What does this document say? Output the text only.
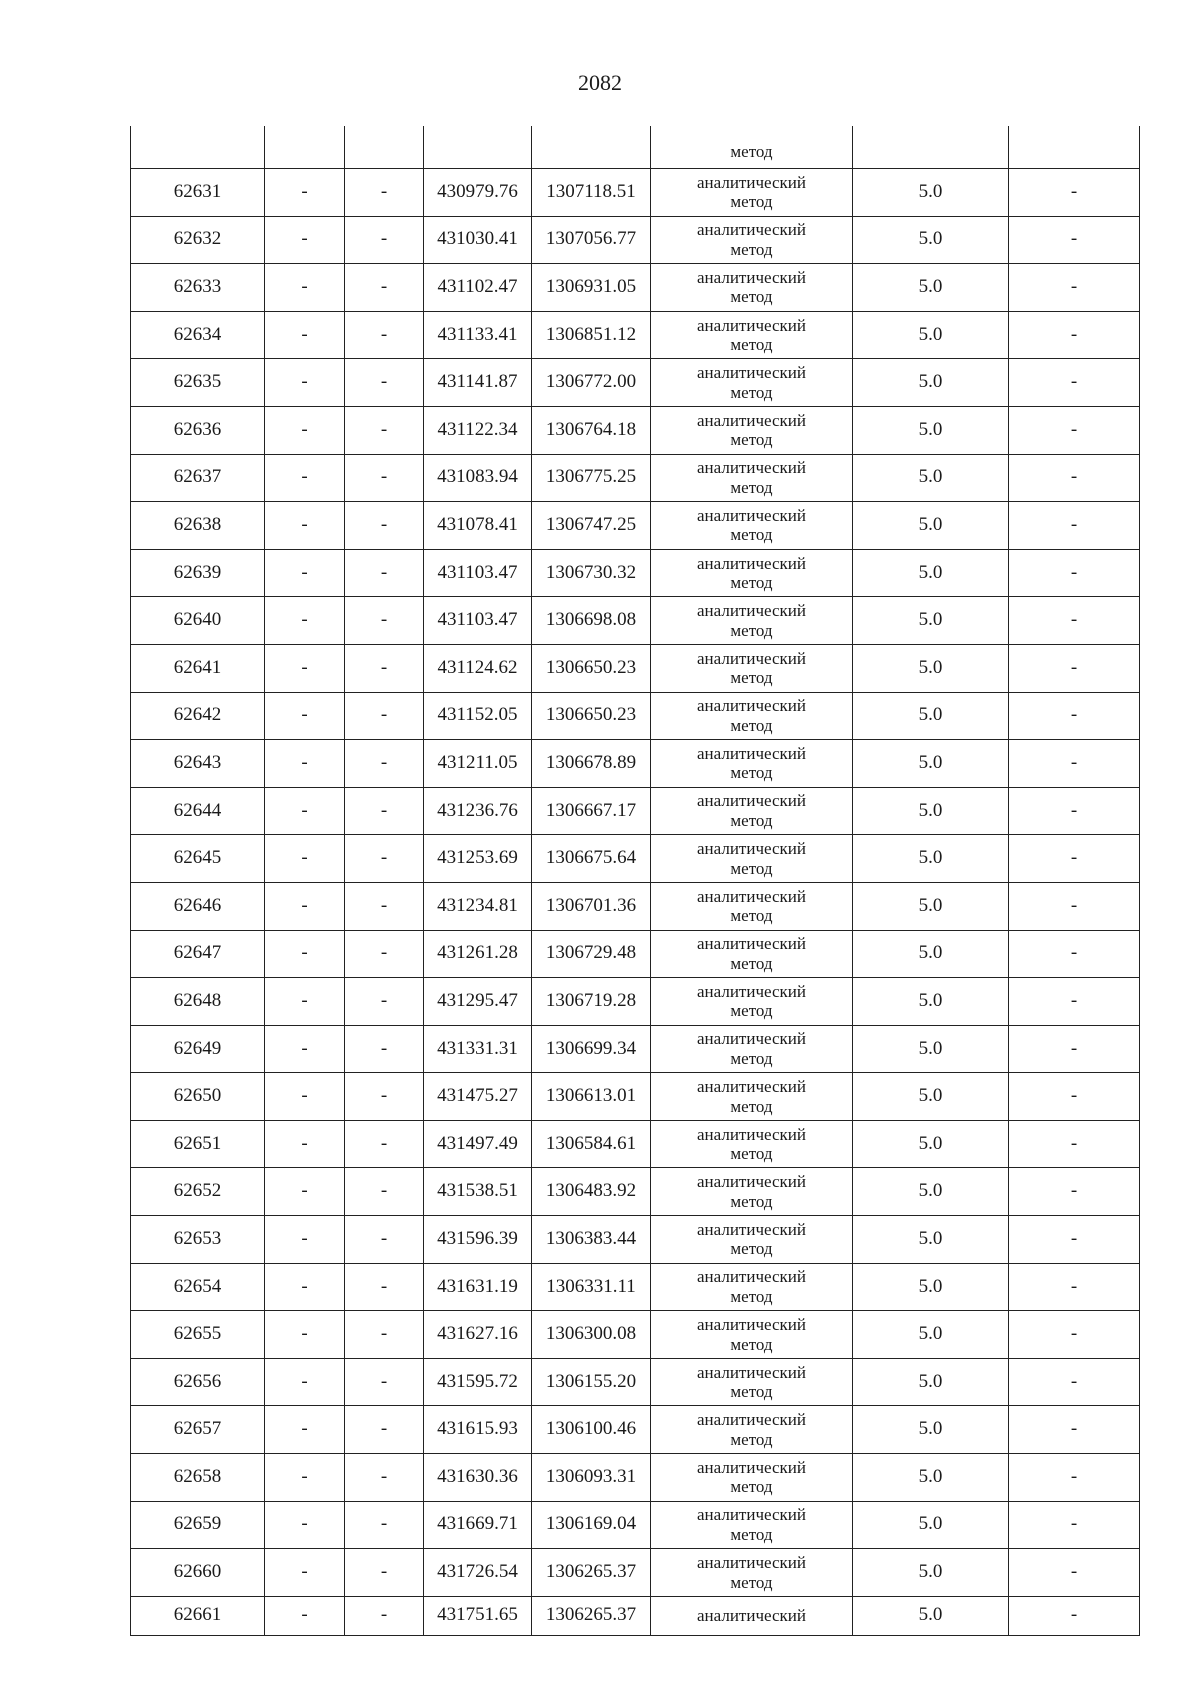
2082
					метод		
62631	-	-	430979.76	1307118.51	аналитический
метод	5.0	-
62632	-	-	431030.41	1307056.77	аналитический
метод	5.0	-
62633	-	-	431102.47	1306931.05	аналитический
метод	5.0	-
62634	-	-	431133.41	1306851.12	аналитический
метод	5.0	-
62635	-	-	431141.87	1306772.00	аналитический
метод	5.0	-
62636	-	-	431122.34	1306764.18	аналитический
метод	5.0	-
62637	-	-	431083.94	1306775.25	аналитический
метод	5.0	-
62638	-	-	431078.41	1306747.25	аналитический
метод	5.0	-
62639	-	-	431103.47	1306730.32	аналитический
метод	5.0	-
62640	-	-	431103.47	1306698.08	аналитический
метод	5.0	-
62641	-	-	431124.62	1306650.23	аналитический
метод	5.0	-
62642	-	-	431152.05	1306650.23	аналитический
метод	5.0	-
62643	-	-	431211.05	1306678.89	аналитический
метод	5.0	-
62644	-	-	431236.76	1306667.17	аналитический
метод	5.0	-
62645	-	-	431253.69	1306675.64	аналитический
метод	5.0	-
62646	-	-	431234.81	1306701.36	аналитический
метод	5.0	-
62647	-	-	431261.28	1306729.48	аналитический
метод	5.0	-
62648	-	-	431295.47	1306719.28	аналитический
метод	5.0	-
62649	-	-	431331.31	1306699.34	аналитический
метод	5.0	-
62650	-	-	431475.27	1306613.01	аналитический
метод	5.0	-
62651	-	-	431497.49	1306584.61	аналитический
метод	5.0	-
62652	-	-	431538.51	1306483.92	аналитический
метод	5.0	-
62653	-	-	431596.39	1306383.44	аналитический
метод	5.0	-
62654	-	-	431631.19	1306331.11	аналитический
метод	5.0	-
62655	-	-	431627.16	1306300.08	аналитический
метод	5.0	-
62656	-	-	431595.72	1306155.20	аналитический
метод	5.0	-
62657	-	-	431615.93	1306100.46	аналитический
метод	5.0	-
62658	-	-	431630.36	1306093.31	аналитический
метод	5.0	-
62659	-	-	431669.71	1306169.04	аналитический
метод	5.0	-
62660	-	-	431726.54	1306265.37	аналитический
метод	5.0	-
62661	-	-	431751.65	1306265.37	аналитический	5.0	-
